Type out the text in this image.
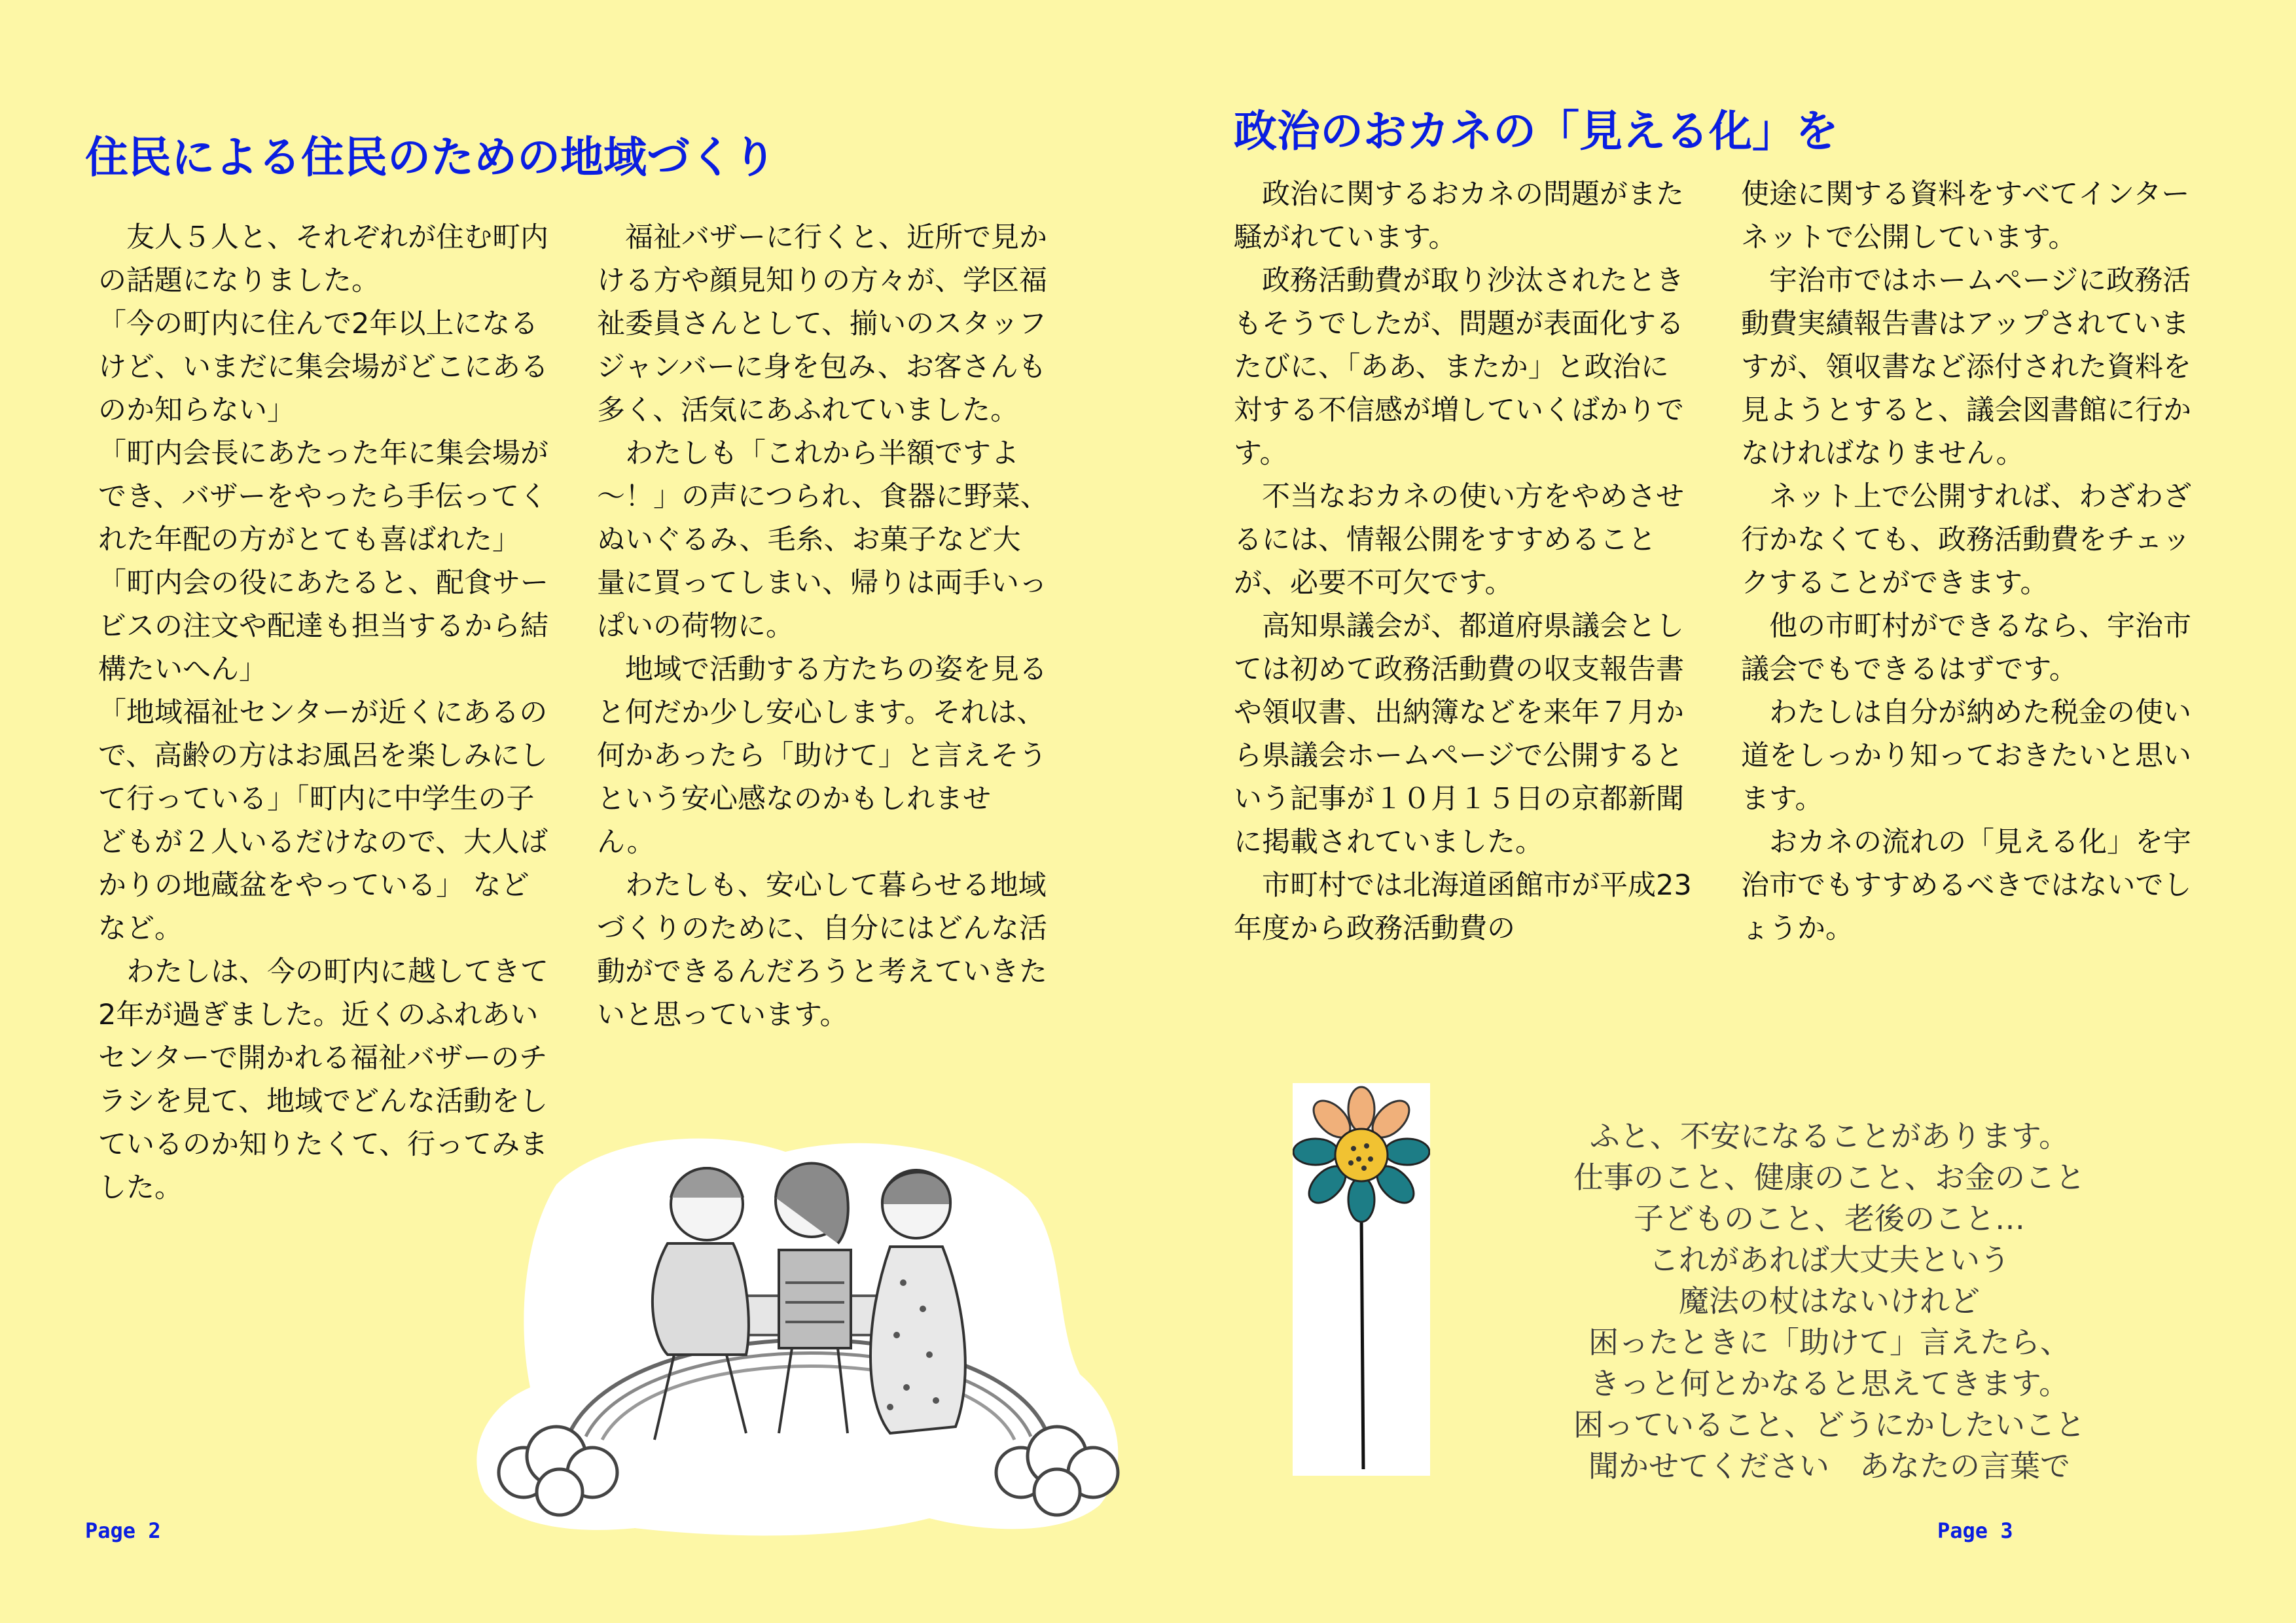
住民による住民のための地域づくり

　友人５人と、それぞれが住む町内の話題になりました。

「今の町内に住んで2年以上になるけど、いまだに集会場がどこにあるのか知らない」

「町内会長にあたった年に集会場ができ、バザーをやったら手伝ってくれた年配の方がとても喜ばれた」

「町内会の役にあたると、配食サービスの注文や配達も担当するから結構たいへん」

「地域福祉センターが近くにあるので、高齢の方はお風呂を楽しみにして行っている」「町内に中学生の子どもが２人いるだけなので、大人ばかりの地蔵盆をやっている」 などなど。

　わたしは、今の町内に越してきて2年が過ぎました。近くのふれあいセンターで開かれる福祉バザーのチラシを見て、地域でどんな活動をしているのか知りたくて、行ってみました。

　福祉バザーに行くと、近所で見かける方や顔見知りの方々が、学区福祉委員さんとして、揃いのスタッフジャンバーに身を包み、お客さんも多く、活気にあふれていました。

　わたしも「これから半額ですよ～！」の声につられ、食器に野菜、ぬいぐるみ、毛糸、お菓子など大量に買ってしまい、帰りは両手いっぱいの荷物に。

　地域で活動する方たちの姿を見ると何だか少し安心します。それは、何かあったら「助けて」と言えそうという安心感なのかもしれません。

　わたしも、安心して暮らせる地域づくりのために、自分にはどんな活動ができるんだろうと考えていきたいと思っています。

政治のおカネの「見える化」を

　政治に関するおカネの問題がまた騒がれています。

　政務活動費が取り沙汰されたときもそうでしたが、問題が表面化するたびに、「ああ、またか」と政治に対する不信感が増していくばかりです。

　不当なおカネの使い方をやめさせるには、情報公開をすすめることが、必要不可欠です。

　高知県議会が、都道府県議会としては初めて政務活動費の収支報告書や領収書、出納簿などを来年７月から県議会ホームページで公開するという記事が１０月１５日の京都新聞に掲載されていました。

　市町村では北海道函館市が平成23年度から政務活動費の

使途に関する資料をすべてインターネットで公開しています。

　宇治市ではホームページに政務活動費実績報告書はアップされていますが、領収書など添付された資料を見ようとすると、議会図書館に行かなければなりません。

　ネット上で公開すれば、わざわざ行かなくても、政務活動費をチェックすることができます。

　他の市町村ができるなら、宇治市議会でもできるはずです。

　わたしは自分が納めた税金の使い道をしっかり知っておきたいと思います。

　おカネの流れの「見える化」を宇治市でもすすめるべきではないでしょうか。

ふと、不安になることがあります。

仕事のこと、健康のこと、お金のこと

子どものこと、老後のこと…

これがあれば大丈夫という

魔法の杖はないけれど

困ったときに「助けて」言えたら、

きっと何とかなると思えてきます。

困っていること、どうにかしたいこと

聞かせてください　あなたの言葉で

Page 2	Page 3
